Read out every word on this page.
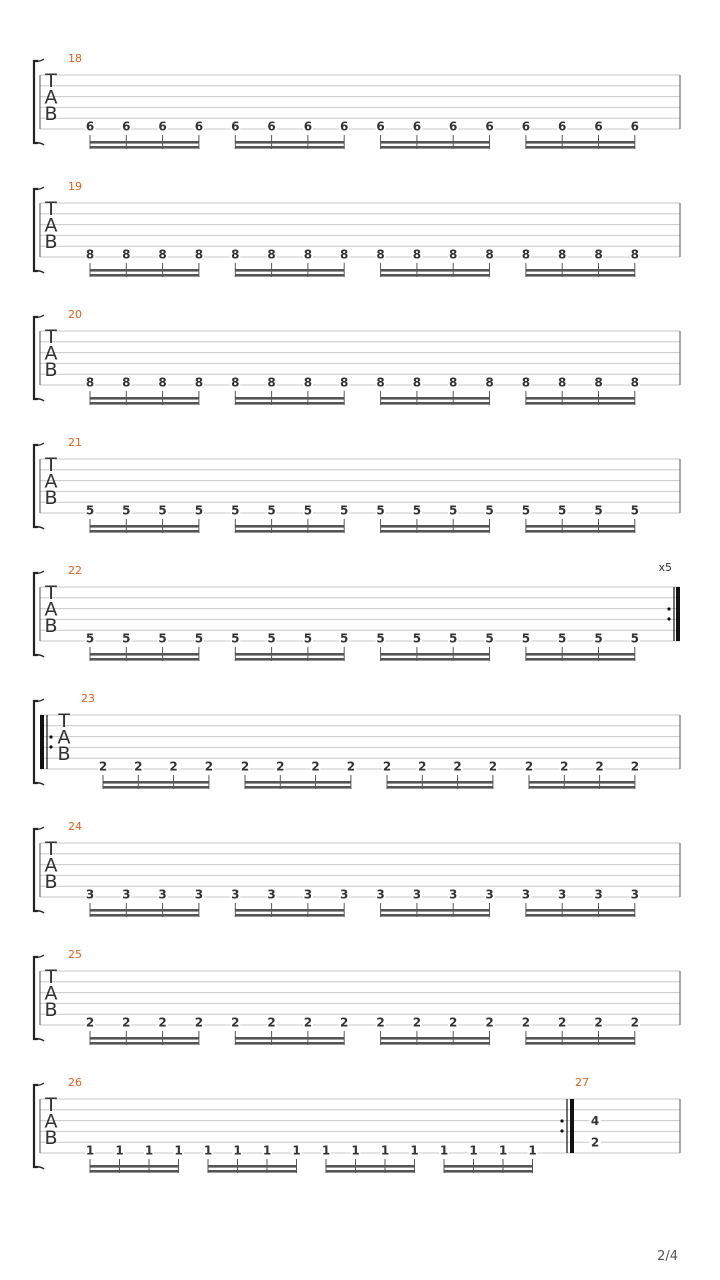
T
A
B
18
6 6 6 6 6 6 6 6 6 6 6 6 6 6 6 6
T
A
B
19
8 8 8 8 8 8 8 8 8 8 8 8 8 8 8 8
T
A
B
20
8 8 8 8 8 8 8 8 8 8 8 8 8 8 8 8
T
A
B
21
5 5 5 5 5 5 5 5 5 5 5 5 5 5 5 5
T
A
B
22
5 5 5 5 5 5 5 5 5 5 5 5 5 5 5 5
x5
T
A
B
23
2 2 2 2 2 2 2 2 2 2 2 2 2 2 2 2
T
A
B
24
3 3 3 3 3 3 3 3 3 3 3 3 3 3 3 3
T
A
B
25
2 2 2 2 2 2 2 2 2 2 2 2 2 2 2 2
T
A
B
26
1 1 1 1 1 1 1 1 1 1 1 1 1 1 1 1
27
4
2
2/4
